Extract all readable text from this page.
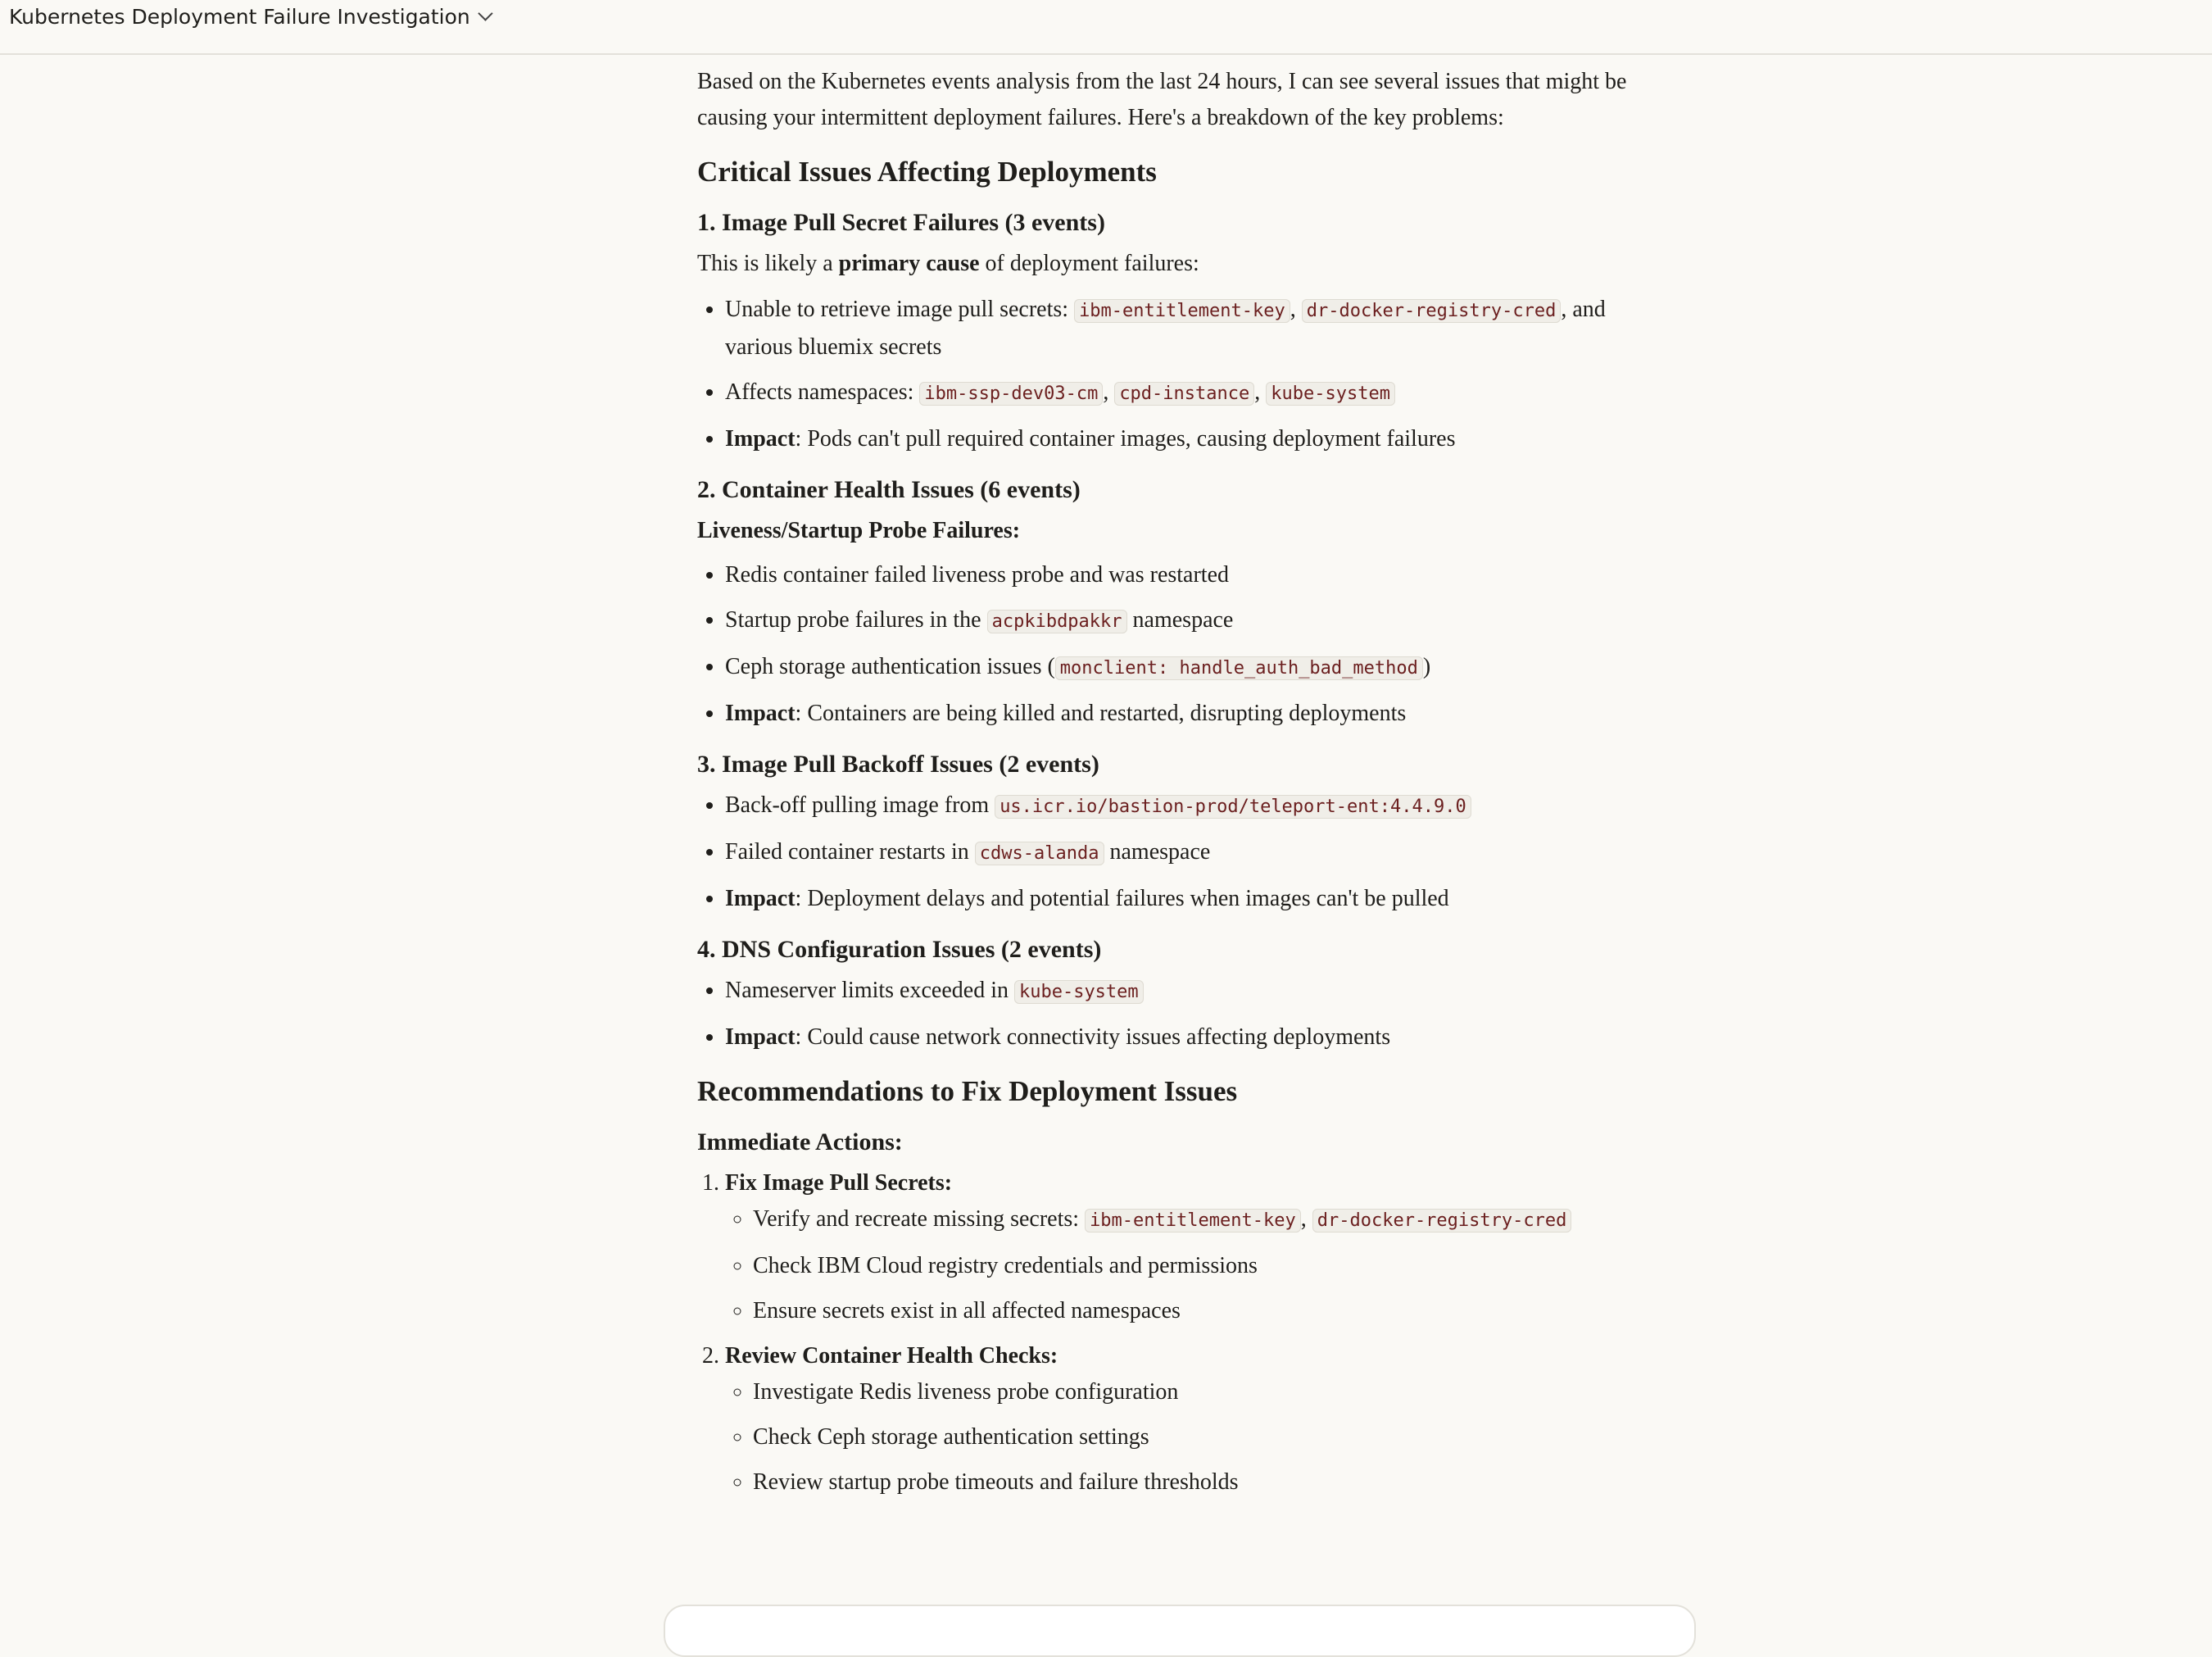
Kubernetes Deployment Failure Investigation

Based on the Kubernetes events analysis from the last 24 hours, I can see several issues that might be causing your intermittent deployment failures. Here's a breakdown of the key problems:

Critical Issues Affecting Deployments
1. Image Pull Secret Failures (3 events)

This is likely a primary cause of deployment failures:

• Unable to retrieve image pull secrets: ibm-entitlement-key , dr-docker-registry-cred , and various bluemix secrets
• Affects namespaces: ibm-ssp-dev03-cm , cpd-instance , kube-system
• Impact: Pods can't pull required container images, causing deployment failures
2. Container Health Issues (6 events)
Liveness/Startup Probe Failures:
• Redis container failed liveness probe and was restarted
• Startup probe failures in the acpkibdpakkr namespace
• Ceph storage authentication issues ( monclient: handle_auth_bad_method )
• Impact: Containers are being killed and restarted, disrupting deployments
3. Image Pull Backoff Issues (2 events)
• Back-off pulling image from us.icr.io/bastion-prod/teleport-ent:4.4.9.0
• Failed container restarts in cdws-alanda namespace
• Impact: Deployment delays and potential failures when images can't be pulled
4. DNS Configuration Issues (2 events)
• Nameserver limits exceeded in kube-system
• Impact: Could cause network connectivity issues affecting deployments
Recommendations to Fix Deployment Issues
Immediate Actions:
1. Fix Image Pull Secrets:
◦ Verify and recreate missing secrets: ibm-entitlement-key , dr-docker-registry-cred
◦ Check IBM Cloud registry credentials and permissions
◦ Ensure secrets exist in all affected namespaces
2. Review Container Health Checks:
◦ Investigate Redis liveness probe configuration
◦ Check Ceph storage authentication settings
◦ Review startup probe timeouts and failure thresholds
